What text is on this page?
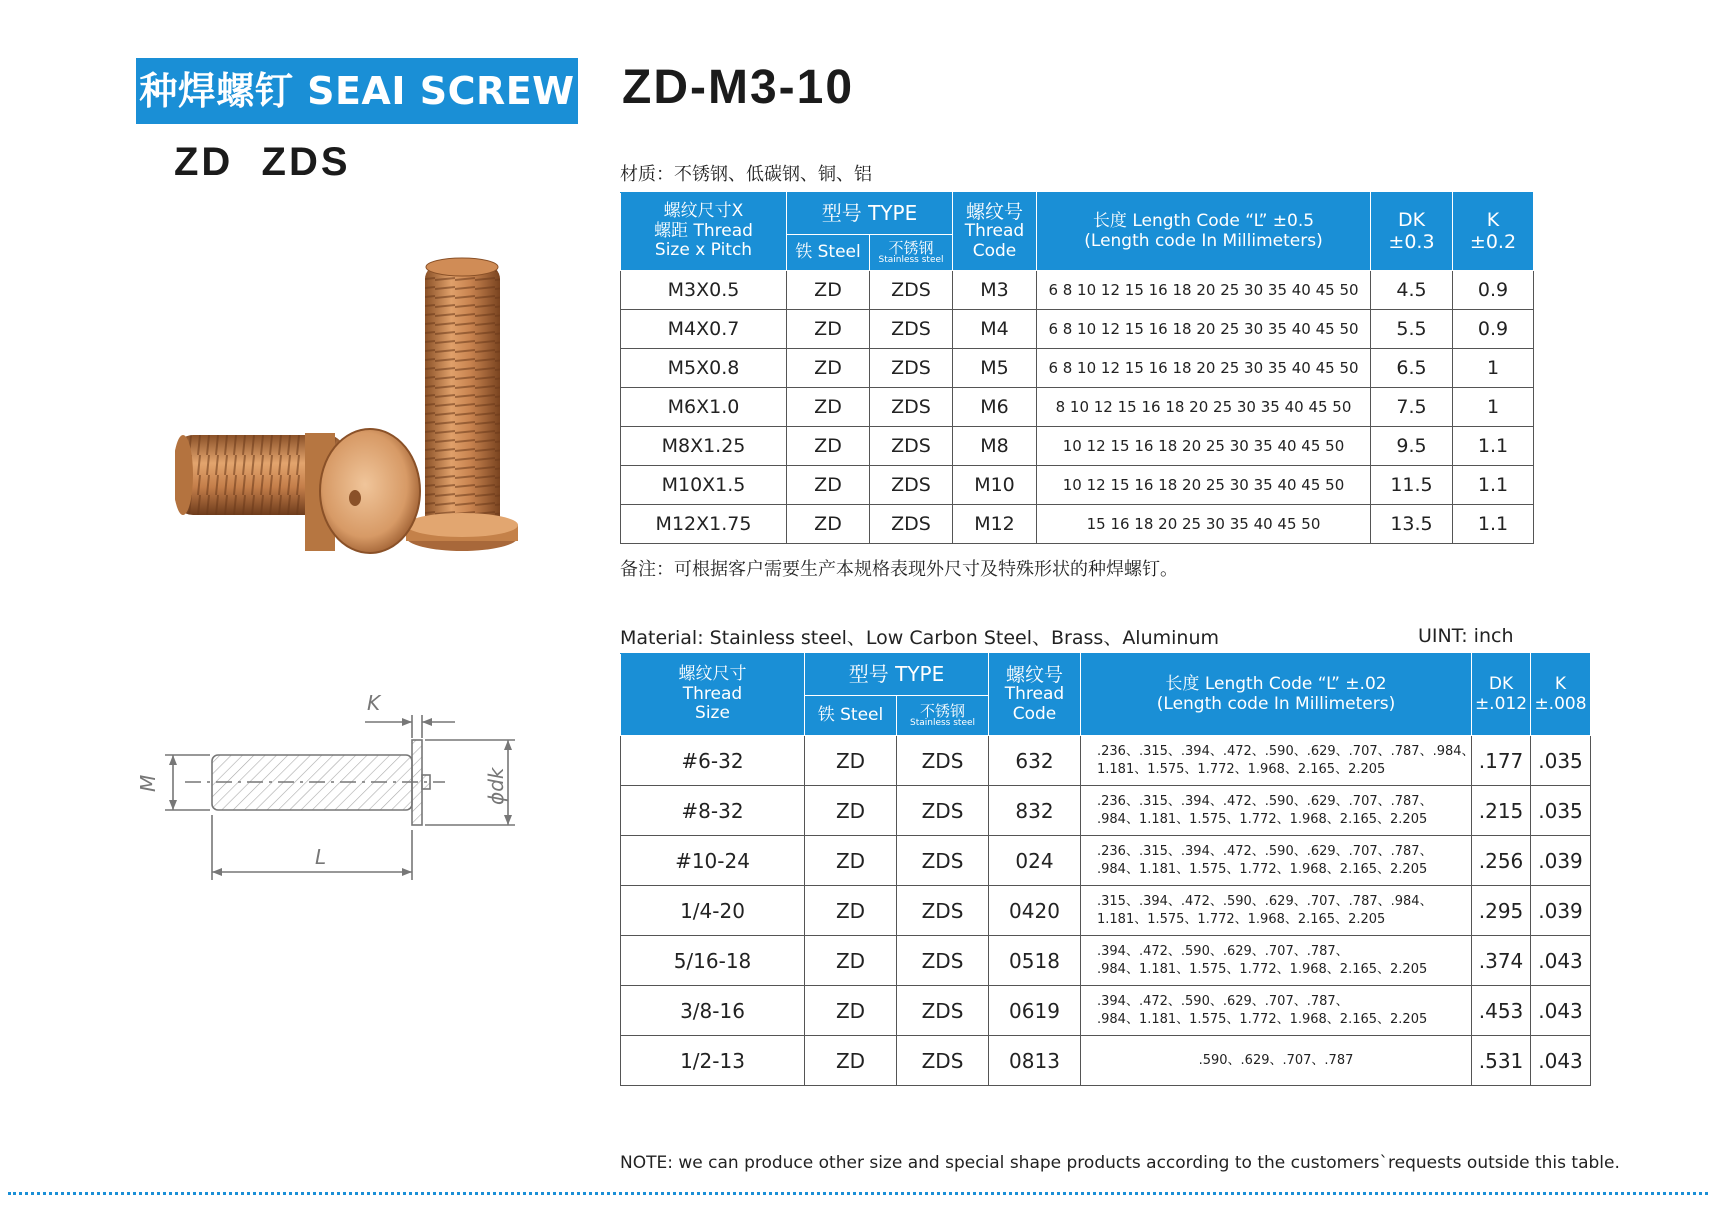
种焊螺钉 SEAI SCREW ZD-M3-10
ZD  ZDS
K
M	ϕdk
L
材质：不锈钢、低碳钢、铜、铝
螺纹尺寸X
螺距 Thread
Size x Pitch	型号 TYPE		螺纹号
Thread
Code	长度 Length Code “L” ±0.5
(Length code In Millimeters)	DK
±0.3	K
±0.2
	铁 Steel	不锈钢
Stainless steel				

M3X0.5	ZD	ZDS	M3	6 8 10 12 15 16 18 20 25 30 35 40 45 50	4.5	0.9
M4X0.7	ZD	ZDS	M4	6 8 10 12 15 16 18 20 25 30 35 40 45 50	5.5	0.9
M5X0.8	ZD	ZDS	M5	6 8 10 12 15 16 18 20 25 30 35 40 45 50	6.5	1
M6X1.0	ZD	ZDS	M6	8 10 12 15 16 18 20 25 30 35 40 45 50	7.5	1
M8X1.25	ZD	ZDS	M8	10 12 15 16 18 20 25 30 35 40 45 50	9.5	1.1
M10X1.5	ZD	ZDS	M10	10 12 15 16 18 20 25 30 35 40 45 50	11.5	1.1
M12X1.75	ZD	ZDS	M12	15 16 18 20 25 30 35 40 45 50	13.5	1.1
备注：可根据客户需要生产本规格表现外尺寸及特殊形状的种焊螺钉。
Material: Stainless steel、Low Carbon Steel、Brass、Aluminum	UINT: inch
螺纹尺寸
Thread
Size	型号 TYPE		螺纹号
Thread
Code	长度 Length Code “L” ±.02
(Length code In Millimeters)	DK
±.012	K
±.008
	铁 Steel	不锈钢
Stainless steel				

#6-32	ZD	ZDS	632	.236、.315、.394、.472、.590、.629、.707、.787、.984、
1.181、1.575、1.772、1.968、2.165、2.205	.177	.035
#8-32	ZD	ZDS	832	.236、.315、.394、.472、.590、.629、.707、.787、
.984、1.181、1.575、1.772、1.968、2.165、2.205	.215	.035
#10-24	ZD	ZDS	024	.236、.315、.394、.472、.590、.629、.707、.787、
.984、1.181、1.575、1.772、1.968、2.165、2.205	.256	.039
1/4-20	ZD	ZDS	0420	.315、.394、.472、.590、.629、.707、.787、.984、
1.181、1.575、1.772、1.968、2.165、2.205	.295	.039
5/16-18	ZD	ZDS	0518	.394、.472、.590、.629、.707、.787、
.984、1.181、1.575、1.772、1.968、2.165、2.205	.374	.043
3/8-16	ZD	ZDS	0619	.394、.472、.590、.629、.707、.787、
.984、1.181、1.575、1.772、1.968、2.165、2.205	.453	.043
1/2-13	ZD	ZDS	0813	.590、.629、.707、.787	.531	.043
NOTE: we can produce other size and special shape products according to the customers`requests outside this table.
